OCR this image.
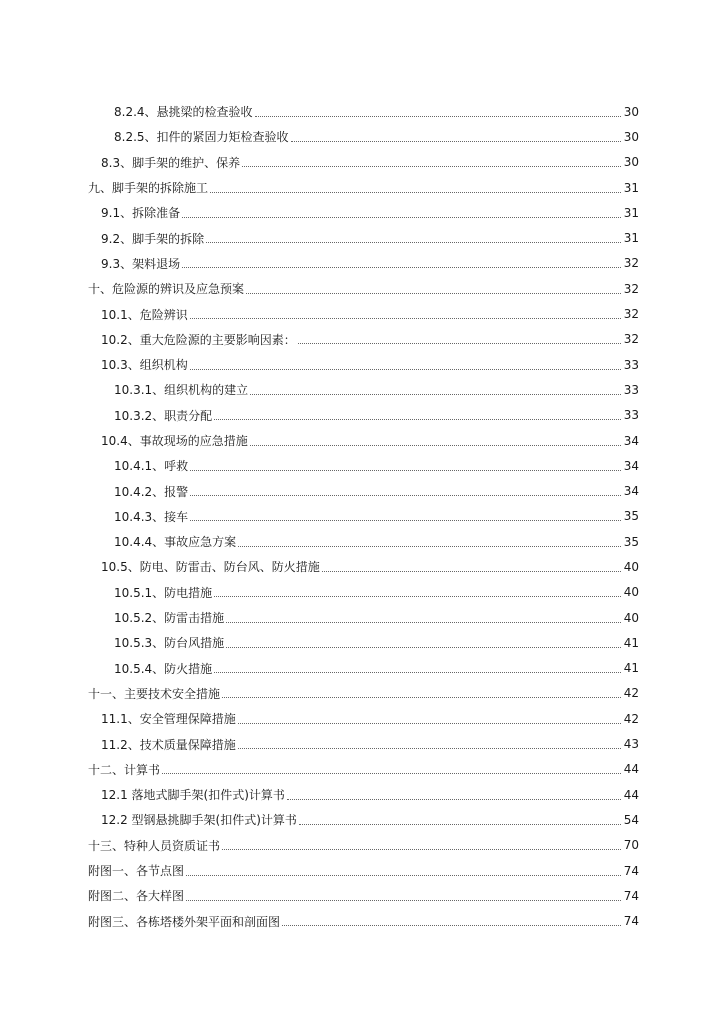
8.2.4、悬挑梁的检查验收	30
8.2.5、扣件的紧固力矩检查验收	30
8.3、脚手架的维护、保养	30
九、脚手架的拆除施工	31
9.1、拆除准备	31
9.2、脚手架的拆除	31
9.3、架料退场	32
十、危险源的辨识及应急预案	32
10.1、危险辨识	32
10.2、重大危险源的主要影响因素：	32
10.3、组织机构	33
10.3.1、组织机构的建立	33
10.3.2、职责分配	33
10.4、事故现场的应急措施	34
10.4.1、呼救	34
10.4.2、报警	34
10.4.3、接车	35
10.4.4、事故应急方案	35
10.5、防电、防雷击、防台风、防火措施	40
10.5.1、防电措施	40
10.5.2、防雷击措施	40
10.5.3、防台风措施	41
10.5.4、防火措施	41
十一、主要技术安全措施	42
11.1、安全管理保障措施	42
11.2、技术质量保障措施	43
十二、计算书	44
12.1 落地式脚手架(扣件式)计算书	44
12.2 型钢悬挑脚手架(扣件式)计算书	54
十三、特种人员资质证书	70
附图一、各节点图	74
附图二、各大样图	74
附图三、各栋塔楼外架平面和剖面图	74
